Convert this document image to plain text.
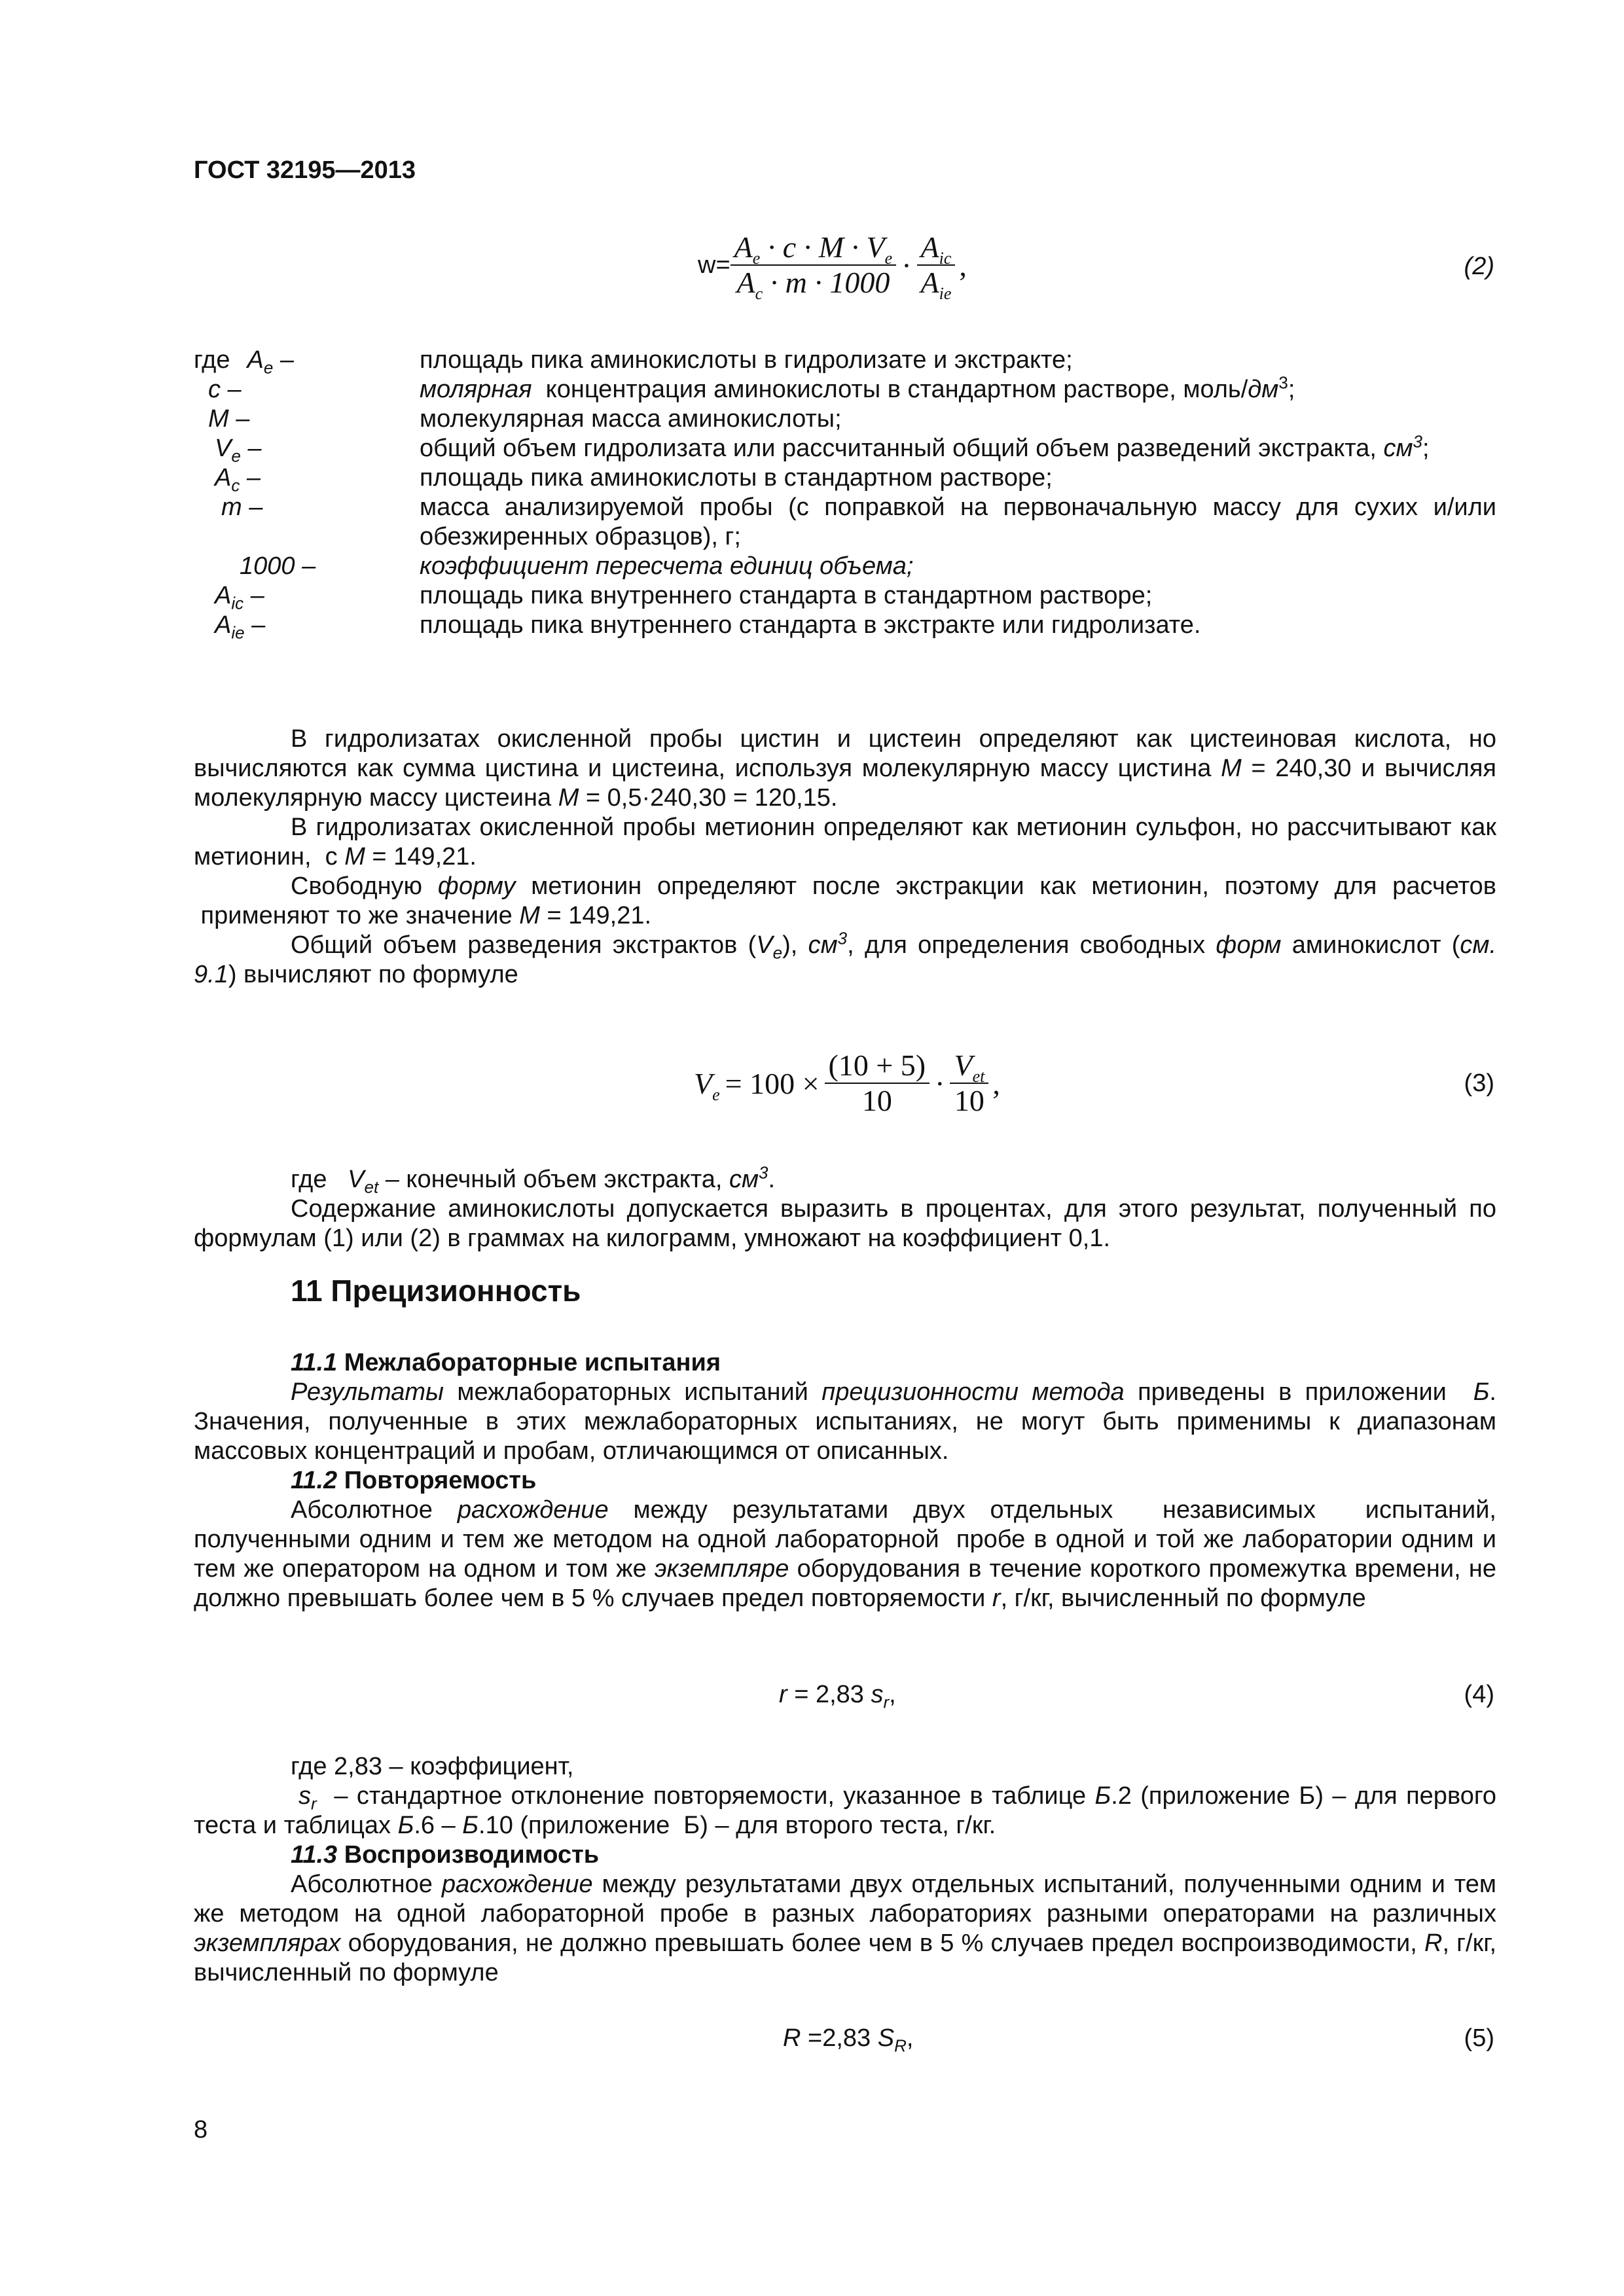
ГОСТ 32195—2013
$w= \frac{A_e \cdot c \cdot M \cdot V_e}{A_c \cdot m \cdot 1000} \cdot \frac{A_{ic}}{A_{ie}}$ ,	(2)
где $A_e$ –	площадь пика аминокислоты в гидролизате и экстракте;
c –	молярная  концентрация аминокислоты в стандартном растворе, моль/$дм^3$;
M –	молекулярная масса аминокислоты;
$V_e$ –	общий объем гидролизата или рассчитанный общий объем разведений экстракта, $см^3$;
$A_c$ –	площадь пика аминокислоты в стандартном растворе;
m –	масса анализируемой пробы (с поправкой на первоначальную массу для сухих и/или обезжиренных образцов), г;
1000 –	коэффициент пересчета единиц объема;
$A_{ic}$ –	площадь пика внутреннего стандарта в стандартном растворе;
$A_{ie}$ –	площадь пика внутреннего стандарта в экстракте или гидролизате.
В гидролизатах окисленной пробы цистин и цистеин определяют как цистеиновая кислота, но вычисляются как сумма цистина и цистеина, используя молекулярную массу цистина M = 240,30 и вычисляя молекулярную массу цистеина M = 0,5·240,30 = 120,15.
В гидролизатах окисленной пробы метионин определяют как метионин сульфон, но рассчитывают как метионин,  с M = 149,21.
Свободную форму метионин определяют после экстракции как метионин, поэтому для расчетов  применяют то же значение M = 149,21.
Общий объем разведения экстрактов $(V_e)$, $см^3$, для определения свободных форм аминокислот (см. 9.1) вычисляют по формуле
$V_e = 100 \times \frac{(10 + 5)}{10} \cdot \frac{V_{et}}{10}$ ,	(3)
где   $V_{et}$ – конечный объем экстракта, $см^3$.
Содержание аминокислоты допускается выразить в процентах, для этого результат, полученный по формулам (1) или (2) в граммах на килограмм, умножают на коэффициент 0,1.
11 Прецизионность
11.1 Межлабораторные испытания
Результаты межлабораторных испытаний прецизионности метода приведены в приложении  Б. Значения, полученные в этих межлабораторных испытаниях, не могут быть применимы к диапазонам массовых концентраций и пробам, отличающимся от описанных.
11.2 Повторяемость
Абсолютное расхождение между результатами двух отдельных  независимых  испытаний, полученными одним и тем же методом на одной лабораторной  пробе в одной и той же лаборатории одним и тем же оператором на одном и том же экземпляре оборудования в течение короткого промежутка времени, не должно превышать более чем в 5 % случаев предел повторяемости r, г/кг, вычисленный по формуле
r = 2,83 $s_r$,	(4)
где 2,83 – коэффициент,
$s_r$  – стандартное отклонение повторяемости, указанное в таблице Б.2 (приложение Б) – для первого теста и таблицах Б.6 – Б.10 (приложение  Б) – для второго теста, г/кг.
11.3 Воспроизводимость
Абсолютное расхождение между результатами двух отдельных испытаний, полученными одним и тем же методом на одной лабораторной пробе в разных лабораториях разными операторами на различных экземплярах оборудования, не должно превышать более чем в 5 % случаев предел воспроизводимости, R, г/кг, вычисленный по формуле
R =2,83 $S_R$,	(5)
8
